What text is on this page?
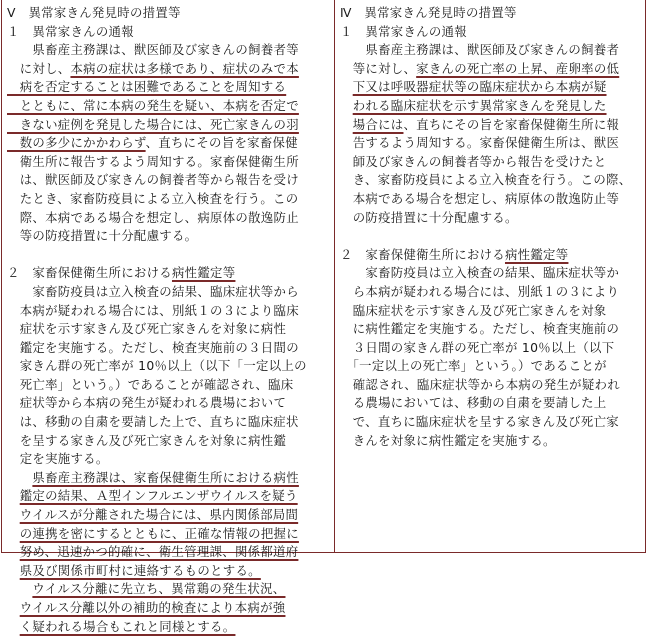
Ⅴ　異常家きん発見時の措置等
１　異常家きんの通報
　　県畜産主務課は、獣医師及び家きんの飼養者等
　に対し、本病の症状は多様であり、症状のみで本
　病を否定することは困難であることを周知する
　とともに、常に本病の発生を疑い、本病を否定で
　きない症例を発見した場合には、死亡家きんの羽
　数の多少にかかわらず、直ちにその旨を家畜保健
　衛生所に報告するよう周知する。家畜保健衛生所
　は、獣医師及び家きんの飼養者等から報告を受け
　たとき、家畜防疫員による立入検査を行う。この
　際、本病である場合を想定し、病原体の散逸防止
　等の防疫措置に十分配慮する。
２　家畜保健衛生所における病性鑑定等
　　家畜防疫員は立入検査の結果、臨床症状等から
　本病が疑われる場合には、別紙１の３により臨床
　症状を示す家きん及び死亡家きんを対象に病性
　鑑定を実施する。ただし、検査実施前の３日間の
　家きん群の死亡率が 10％以上（以下「一定以上の
　死亡率」という。）であることが確認され、臨床
　症状等から本病の発生が疑われる農場において
　は、移動の自粛を要請した上で、直ちに臨床症状
　を呈する家きん及び死亡家きんを対象に病性鑑
　定を実施する。
　　県畜産主務課は、家畜保健衛生所における病性
　鑑定の結果、Ａ型インフルエンザウイルスを疑う
　ウイルスが分離された場合には、県内関係部局間
　の連携を密にするとともに、正確な情報の把握に
　努め、迅速かつ的確に、衛生管理課、関係都道府
　県及び関係市町村に連絡するものとする。
　　ウイルス分離に先立ち、異常鶏の発生状況、
　ウイルス分離以外の補助的検査により本病が強
　く疑われる場合もこれと同様とする。
Ⅳ　異常家きん発見時の措置等
１　異常家きんの通報
　　県畜産主務課は、獣医師及び家きんの飼養者
　等に対し、家きんの死亡率の上昇、産卵率の低
　下又は呼吸器症状等の臨床症状から本病が疑
　われる臨床症状を示す異常家きんを発見した
　場合には、直ちにその旨を家畜保健衛生所に報
　告するよう周知する。家畜保健衛生所は、獣医
　師及び家きんの飼養者等から報告を受けたと
　き、家畜防疫員による立入検査を行う。この際、
　本病である場合を想定し、病原体の散逸防止等
　の防疫措置に十分配慮する。
２　家畜保健衛生所における病性鑑定等
　　家畜防疫員は立入検査の結果、臨床症状等か
　ら本病が疑われる場合には、別紙１の３により
　臨床症状を示す家きん及び死亡家きんを対象
　に病性鑑定を実施する。ただし、検査実施前の
　３日間の家きん群の死亡率が 10％以上（以下
　「一定以上の死亡率」という。）であることが
　確認され、臨床症状等から本病の発生が疑われ
　る農場においては、移動の自粛を要請した上
　で、直ちに臨床症状を呈する家きん及び死亡家
　きんを対象に病性鑑定を実施する。
